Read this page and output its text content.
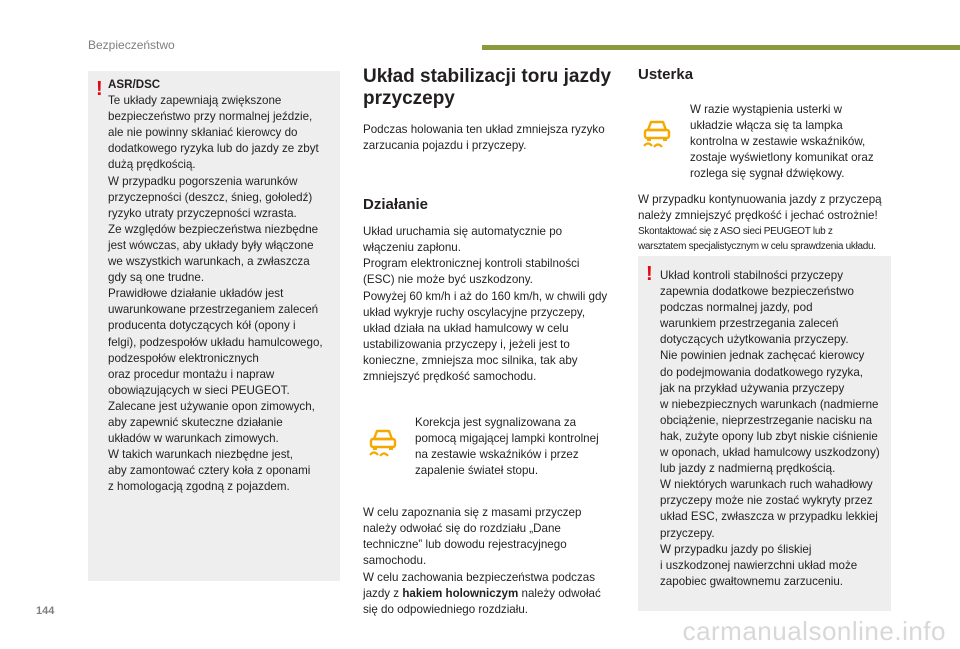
Bezpieczeństwo
! ASR/DSC
Te układy zapewniają zwiększone
bezpieczeństwo przy normalnej jeździe,
ale nie powinny skłaniać kierowcy do
dodatkowego ryzyka lub do jazdy ze zbyt
dużą prędkością.
W przypadku pogorszenia warunków
przyczepności (deszcz, śnieg, gołoledź)
ryzyko utraty przyczepności wzrasta.
Ze względów bezpieczeństwa niezbędne
jest wówczas, aby układy były włączone
we wszystkich warunkach, a zwłaszcza
gdy są one trudne.
Prawidłowe działanie układów jest
uwarunkowane przestrzeganiem zaleceń
producenta dotyczących kół (opony i
felgi), podzespołów układu hamulcowego,
podzespołów elektronicznych
oraz procedur montażu i napraw
obowiązujących w sieci PEUGEOT.
Zalecane jest używanie opon zimowych,
aby zapewnić skuteczne działanie
układów w warunkach zimowych.
W takich warunkach niezbędne jest,
aby zamontować cztery koła z oponami
z homologacją zgodną z pojazdem.
Układ stabilizacji toru jazdy
przyczepy

Podczas holowania ten układ zmniejsza ryzyko
zarzucania pojazdu i przyczepy.

Działanie

Układ uruchamia się automatycznie po
włączeniu zapłonu.
Program elektronicznej kontroli stabilności
(ESC) nie może być uszkodzony.
Powyżej 60 km/h i aż do 160 km/h, w chwili gdy
układ wykryje ruchy oscylacyjne przyczepy,
układ działa na układ hamulcowy w celu
ustabilizowania przyczepy i, jeżeli jest to
konieczne, zmniejsza moc silnika, tak aby
zmniejszyć prędkość samochodu.

Korekcja jest sygnalizowana za
pomocą migającej lampki kontrolnej
na zestawie wskaźników i przez
zapalenie świateł stopu.

W celu zapoznania się z masami przyczep
należy odwołać się do rozdziału „Dane
techniczne” lub dowodu rejestracyjnego
samochodu.
W celu zachowania bezpieczeństwa podczas
jazdy z hakiem holowniczym należy odwołać
się do odpowiedniego rozdziału.

Usterka

W razie wystąpienia usterki w
układzie włącza się ta lampka
kontrolna w zestawie wskaźników,
zostaje wyświetlony komunikat oraz
rozlega się sygnał dźwiękowy.

W przypadku kontynuowania jazdy z przyczepą
należy zmniejszyć prędkość i jechać ostrożnie!

Skontaktować się z ASO sieci PEUGEOT lub z
warsztatem specjalistycznym w celu sprawdzenia układu.

! Układ kontroli stabilności przyczepy
zapewnia dodatkowe bezpieczeństwo
podczas normalnej jazdy, pod
warunkiem przestrzegania zaleceń
dotyczących użytkowania przyczepy.
Nie powinien jednak zachęcać kierowcy
do podejmowania dodatkowego ryzyka,
jak na przykład używania przyczepy
w niebezpiecznych warunkach (nadmierne
obciążenie, nieprzestrzeganie nacisku na
hak, zużyte opony lub zbyt niskie ciśnienie
w oponach, układ hamulcowy uszkodzony)
lub jazdy z nadmierną prędkością.
W niektórych warunkach ruch wahadłowy
przyczepy może nie zostać wykryty przez
układ ESC, zwłaszcza w przypadku lekkiej
przyczepy.
W przypadku jazdy po śliskiej
i uszkodzonej nawierzchni układ może
zapobiec gwałtownemu zarzuceniu.
144
carmanualsonline.info
